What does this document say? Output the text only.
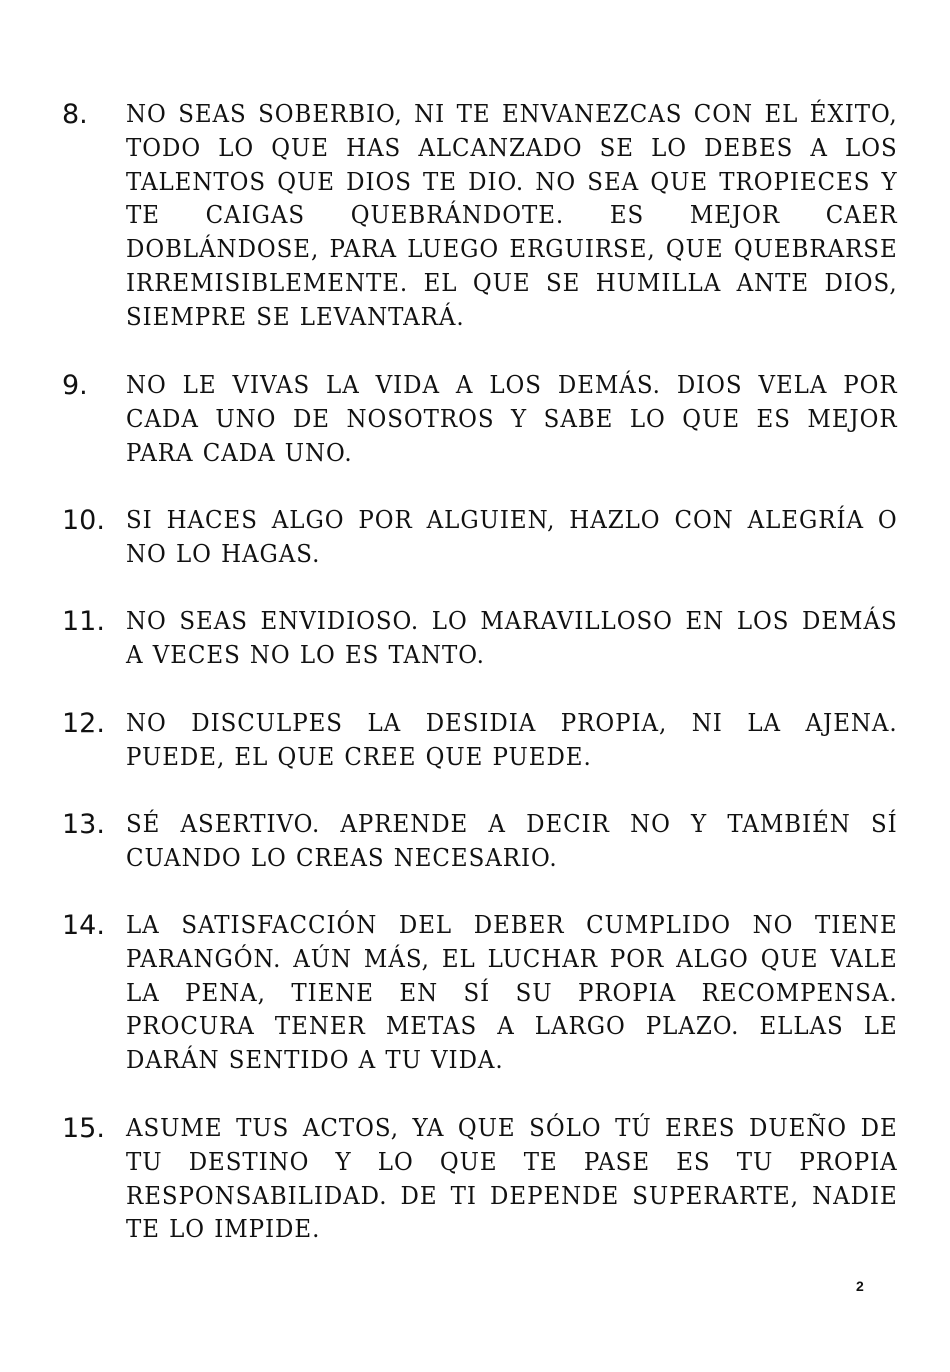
8. NO SEAS SOBERBIO, NI TE ENVANEZCAS CON EL ÉXITO, TODO LO QUE HAS ALCANZADO SE LO DEBES A LOS TALENTOS QUE DIOS TE DIO. NO SEA QUE TROPIECES Y TE CAIGAS QUEBRÁNDOTE. ES MEJOR CAER DOBLÁNDOSE, PARA LUEGO ERGUIRSE, QUE QUEBRARSE IRREMISIBLEMENTE. EL QUE SE HUMILLA ANTE DIOS, SIEMPRE SE LEVANTARÁ.
9. NO LE VIVAS LA VIDA A LOS DEMÁS. DIOS VELA POR CADA UNO DE NOSOTROS Y SABE LO QUE ES MEJOR PARA CADA UNO.
10. SI HACES ALGO POR ALGUIEN, HAZLO CON ALEGRÍA O NO LO HAGAS.
11. NO SEAS ENVIDIOSO. LO MARAVILLOSO EN LOS DEMÁS A VECES NO LO ES TANTO.
12. NO DISCULPES LA DESIDIA PROPIA, NI LA AJENA. PUEDE, EL QUE CREE QUE PUEDE.
13. SÉ ASERTIVO. APRENDE A DECIR NO Y TAMBIÉN SÍ CUANDO LO CREAS NECESARIO.
14. LA SATISFACCIÓN DEL DEBER CUMPLIDO NO TIENE PARANGÓN. AÚN MÁS, EL LUCHAR POR ALGO QUE VALE LA PENA, TIENE EN SÍ SU PROPIA RECOMPENSA. PROCURA TENER METAS A LARGO PLAZO. ELLAS LE DARÁN SENTIDO A TU VIDA.
15. ASUME TUS ACTOS, YA QUE SÓLO TÚ ERES DUEÑO DE TU DESTINO Y LO QUE TE PASE ES TU PROPIA RESPONSABILIDAD. DE TI DEPENDE SUPERARTE, NADIE TE LO IMPIDE.
2
